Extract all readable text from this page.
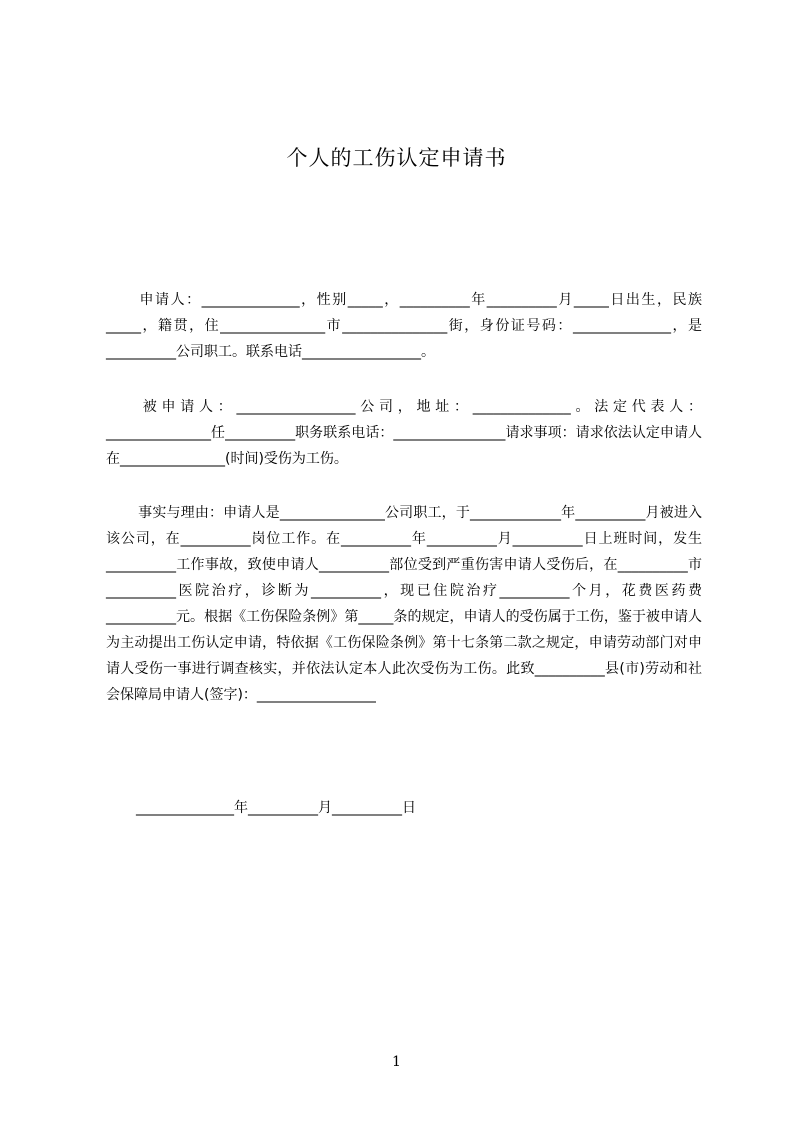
个人的工伤认定申请书
申请人：______________，性别_____，__________年__________月_____日出生，民族_____，籍贯，住_______________市_______________街，身份证号码：______________，是__________公司职工。联系电话_________________。
被申请人：_________________公司，地址：______________。法定代表人：_______________任__________职务联系电话：________________请求事项：请求依法认定申请人在_______________(时间)受伤为工伤。
事实与理由：申请人是_______________公司职工，于_____________年__________月被进入该公司，在__________岗位工作。在__________年__________月__________日上班时间，发生__________工作事故，致使申请人__________部位受到严重伤害申请人受伤后，在__________市__________医院治疗，诊断为__________，现已住院治疗__________个月，花费医药费__________元。根据《工伤保险条例》第_____条的规定，申请人的受伤属于工伤，鉴于被申请人为主动提出工伤认定申请，特依据《工伤保险条例》第十七条第二款之规定，申请劳动部门对申请人受伤一事进行调查核实，并依法认定本人此次受伤为工伤。此致__________县(市)劳动和社会保障局申请人(签字)：_________________
______________年__________月__________日
1
